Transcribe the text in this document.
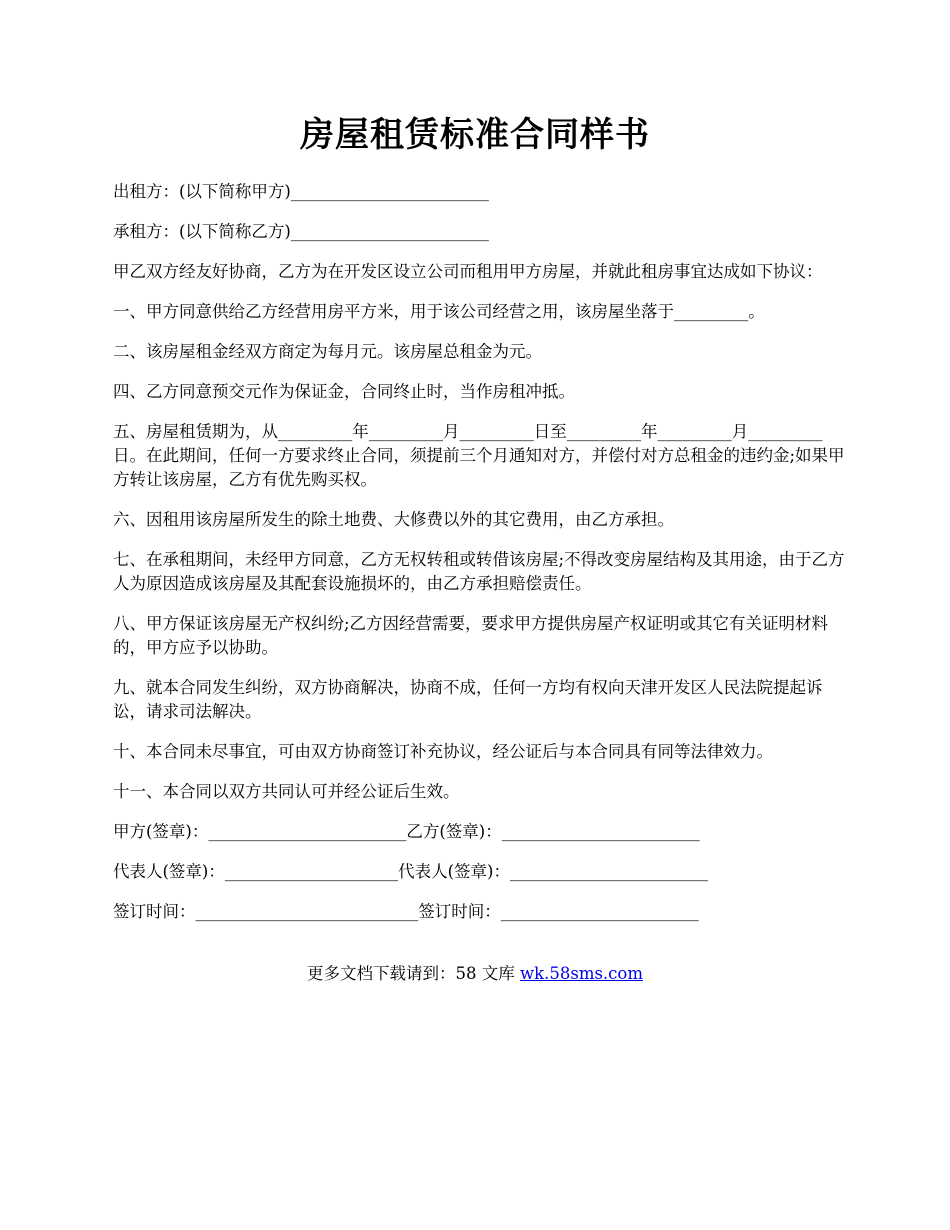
房屋租赁标准合同样书

出租方：(以下简称甲方)________________________

承租方：(以下简称乙方)________________________

甲乙双方经友好协商，乙方为在开发区设立公司而租用甲方房屋，并就此租房事宜达成如下协议：

一、甲方同意供给乙方经营用房平方米，用于该公司经营之用，该房屋坐落于_________。

二、该房屋租金经双方商定为每月元。该房屋总租金为元。

四、乙方同意预交元作为保证金，合同终止时，当作房租冲抵。

五、房屋租赁期为，从_________年_________月_________日至_________年_________月_________日。在此期间，任何一方要求终止合同，须提前三个月通知对方，并偿付对方总租金的违约金;如果甲方转让该房屋，乙方有优先购买权。

六、因租用该房屋所发生的除土地费、大修费以外的其它费用，由乙方承担。

七、在承租期间，未经甲方同意，乙方无权转租或转借该房屋;不得改变房屋结构及其用途，由于乙方人为原因造成该房屋及其配套设施损坏的，由乙方承担赔偿责任。

八、甲方保证该房屋无产权纠纷;乙方因经营需要，要求甲方提供房屋产权证明或其它有关证明材料的，甲方应予以协助。

九、就本合同发生纠纷，双方协商解决，协商不成，任何一方均有权向天津开发区人民法院提起诉讼，请求司法解决。

十、本合同未尽事宜，可由双方协商签订补充协议，经公证后与本合同具有同等法律效力。

十一、本合同以双方共同认可并经公证后生效。

甲方(签章)：________________________乙方(签章)：________________________

代表人(签章)：_____________________代表人(签章)：________________________

签订时间：___________________________签订时间：________________________

更多文档下载请到：58 文库 wk.58sms.com
